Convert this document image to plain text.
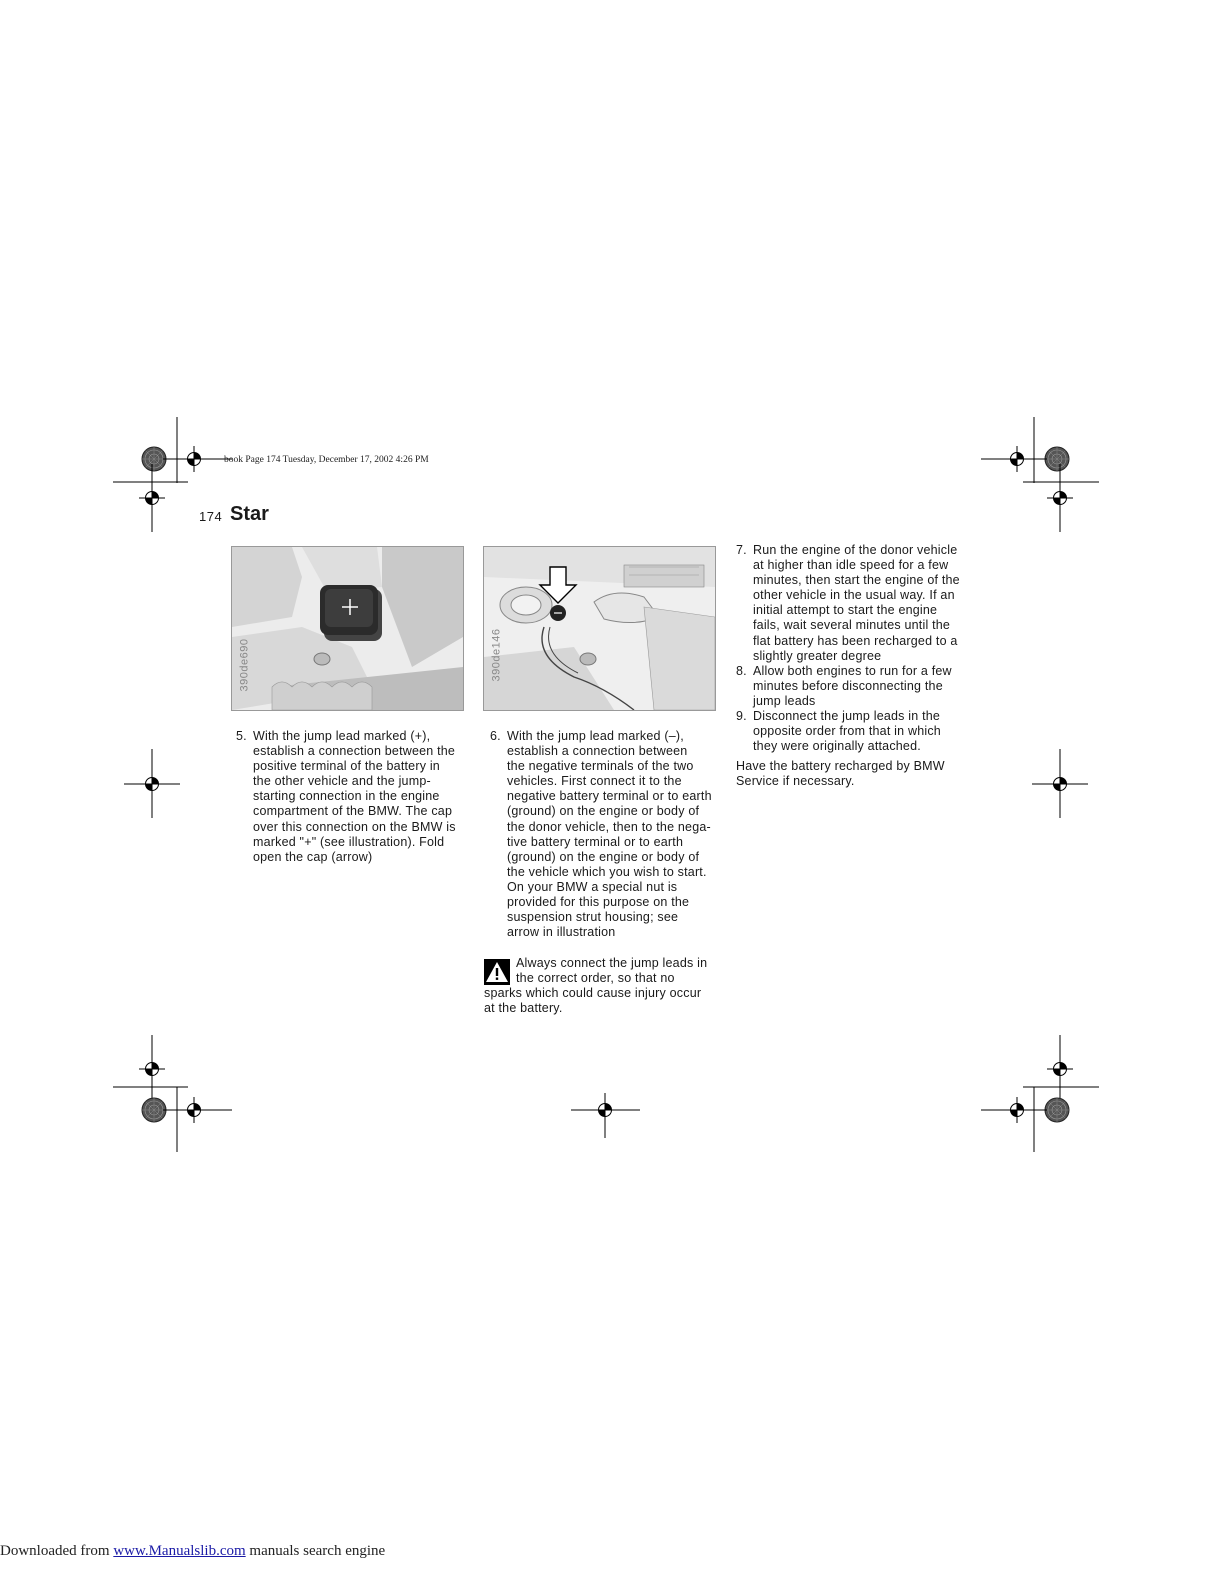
book Page 174 Tuesday, December 17, 2002 4:26 PM
174 Star
390de690	390de146
5. With the jump lead marked (+),
establish a connection between the
positive terminal of the battery in
the other vehicle and the jump-
starting connection in the engine
compartment of the BMW. The cap
over this connection on the BMW is
marked "+" (see illustration). Fold
open the cap (arrow)
6. With the jump lead marked (–),
establish a connection between
the negative terminals of the two
vehicles. First connect it to the
negative battery terminal or to earth
(ground) on the engine or body of
the donor vehicle, then to the nega-
tive battery terminal or to earth
(ground) on the engine or body of
the vehicle which you wish to start.
On your BMW a special nut is
provided for this purpose on the
suspension strut housing; see
arrow in illustration
Always connect the jump leads in
the correct order, so that no
sparks which could cause injury occur
at the battery.
7. Run the engine of the donor vehicle
at higher than idle speed for a few
minutes, then start the engine of the
other vehicle in the usual way. If an
initial attempt to start the engine
fails, wait several minutes until the
flat battery has been recharged to a
slightly greater degree
8. Allow both engines to run for a few
minutes before disconnecting the
jump leads
9. Disconnect the jump leads in the
opposite order from that in which
they were originally attached.
Have the battery recharged by BMW
Service if necessary.
Downloaded from www.Manualslib.com manuals search engine
